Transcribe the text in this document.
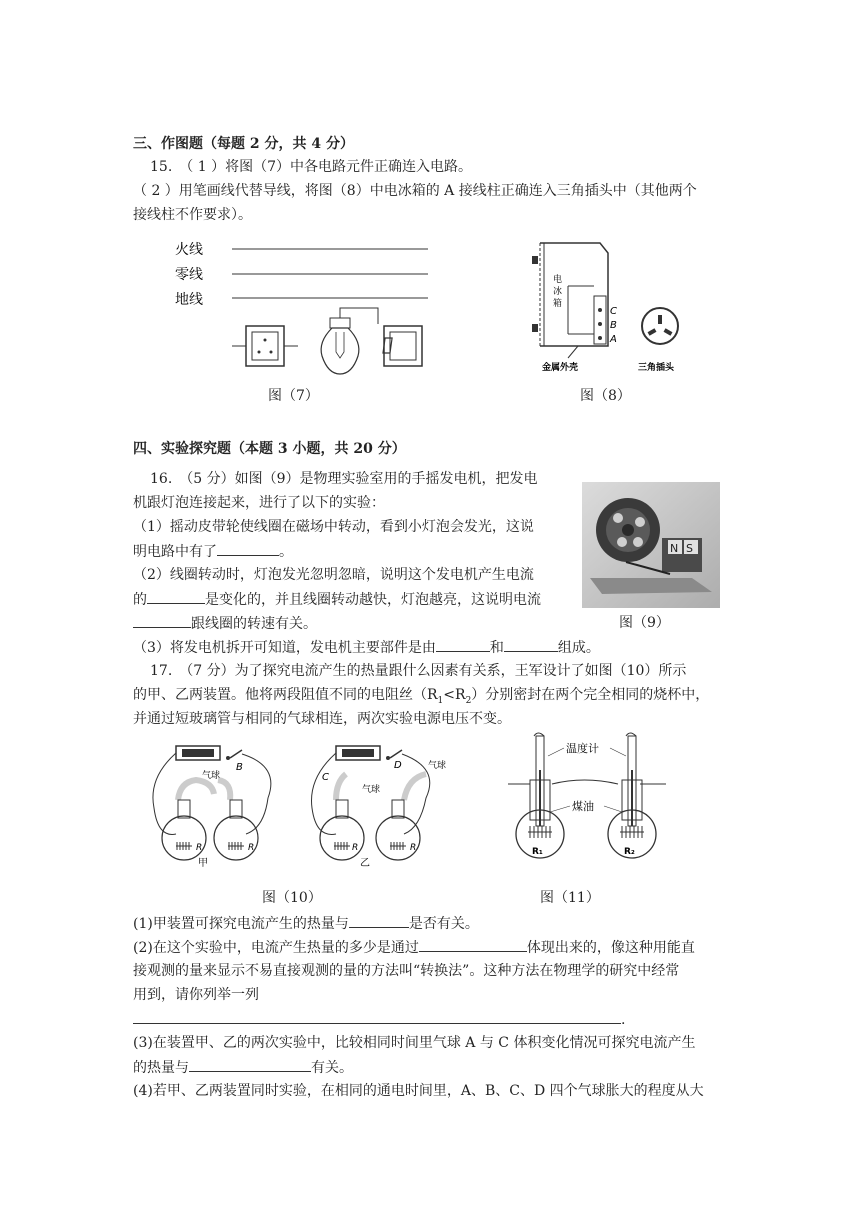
三、作图题（每题 2 分，共 4 分）
15.　（ 1 ）将图（7）中各电路元件正确连入电路。
（ 2 ）用笔画线代替导线，将图（8）中电冰箱的 A 接线柱正确连入三角插头中（其他两个
接线柱不作要求）。
火线
零线
地线
图（7）
电
冰
箱
C
B
A
金属外壳	三角插头
图（8）
四、实验探究题（本题 3 小题，共 20 分）
16.　（5 分）如图（9）是物理实验室用的手摇发电机，把发电
机跟灯泡连接起来，进行了以下的实验：
（1）摇动皮带轮使线圈在磁场中转动，看到小灯泡会发光，这说
明电路中有了	。
（2）线圈转动时，灯泡发光忽明忽暗，说明这个发电机产生电流
的	是变化的，并且线圈转动越快，灯泡越亮，这说明电流
跟线圈的转速有关。
（3）将发电机拆开可知道，发电机主要部件是由	和	组成。
N S
图（9）
17.　（7 分）为了探究电流产生的热量跟什么因素有关系，王军设计了如图（10）所示
的甲、乙两装置。他将两段阻值不同的电阻丝$(R_1<R_2)$分别密封在两个完全相同的烧杯中，
并通过短玻璃管与相同的气球相连，两次实验电源电压不变。
R	R
气球
B
甲
R	R
气球
气球
C
D
乙
图（10）
温度计
R₁	R₂
煤油
图（11）
(1)甲装置可探究电流产生的热量与	是否有关。
(2)在这个实验中，电流产生热量的多少是通过	体现出来的，像这种用能直
接观测的量来显示不易直接观测的量的方法叫“转换法”。这种方法在物理学的研究中经常
用到，请你列举一列
.
(3)在装置甲、乙的两次实验中，比较相同时间里气球 A 与 C 体积变化情况可探究电流产生
的热量与	有关。
(4)若甲、乙两装置同时实验，在相同的通电时间里，A、B、C、D 四个气球胀大的程度从大
